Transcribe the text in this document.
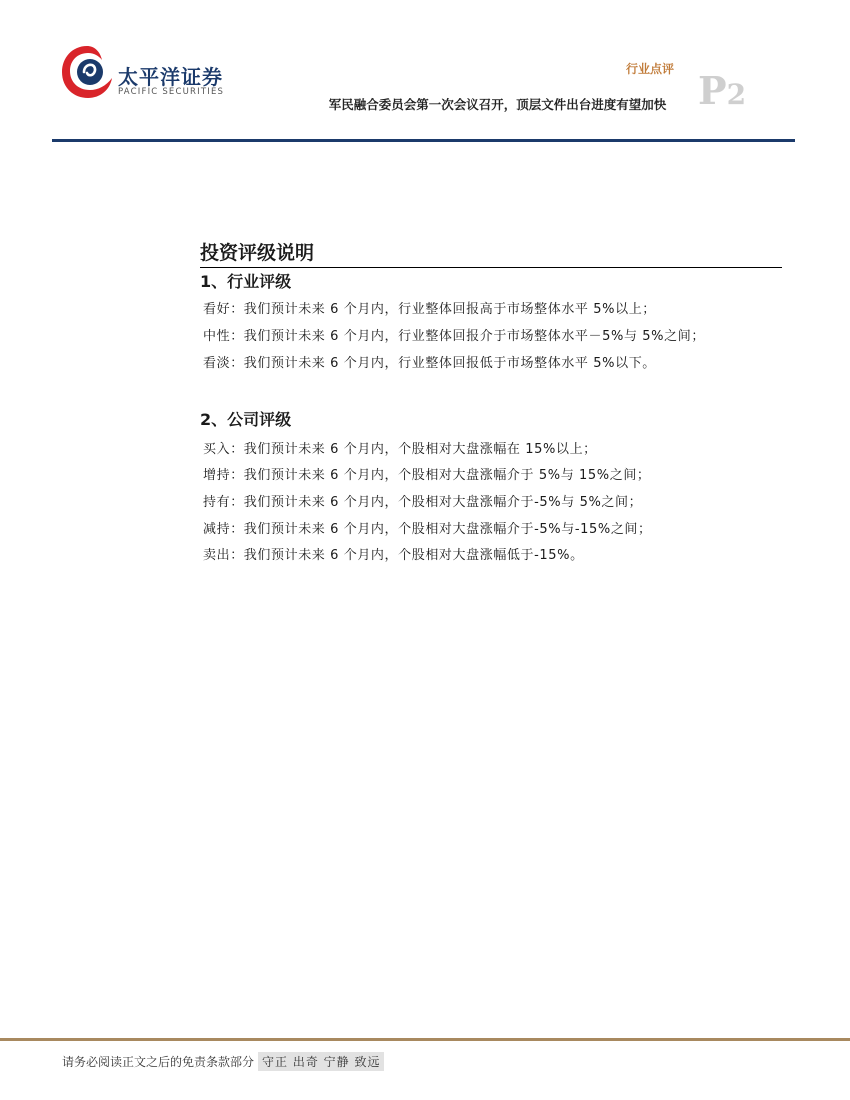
太平洋证券
PACIFIC SECURITIES
行业点评 P2
军民融合委员会第一次会议召开，顶层文件出台进度有望加快
投资评级说明
1、行业评级
看好：我们预计未来 6 个月内，行业整体回报高于市场整体水平 5%以上；
中性：我们预计未来 6 个月内，行业整体回报介于市场整体水平－5%与 5%之间；
看淡：我们预计未来 6 个月内，行业整体回报低于市场整体水平 5%以下。
2、公司评级
买入：我们预计未来 6 个月内，个股相对大盘涨幅在 15%以上；
增持：我们预计未来 6 个月内，个股相对大盘涨幅介于 5%与 15%之间；
持有：我们预计未来 6 个月内，个股相对大盘涨幅介于-5%与 5%之间；
减持：我们预计未来 6 个月内，个股相对大盘涨幅介于-5%与-15%之间；
卖出：我们预计未来 6 个月内，个股相对大盘涨幅低于-15%。
请务必阅读正文之后的免责条款部分 守正 出奇 宁静 致远
